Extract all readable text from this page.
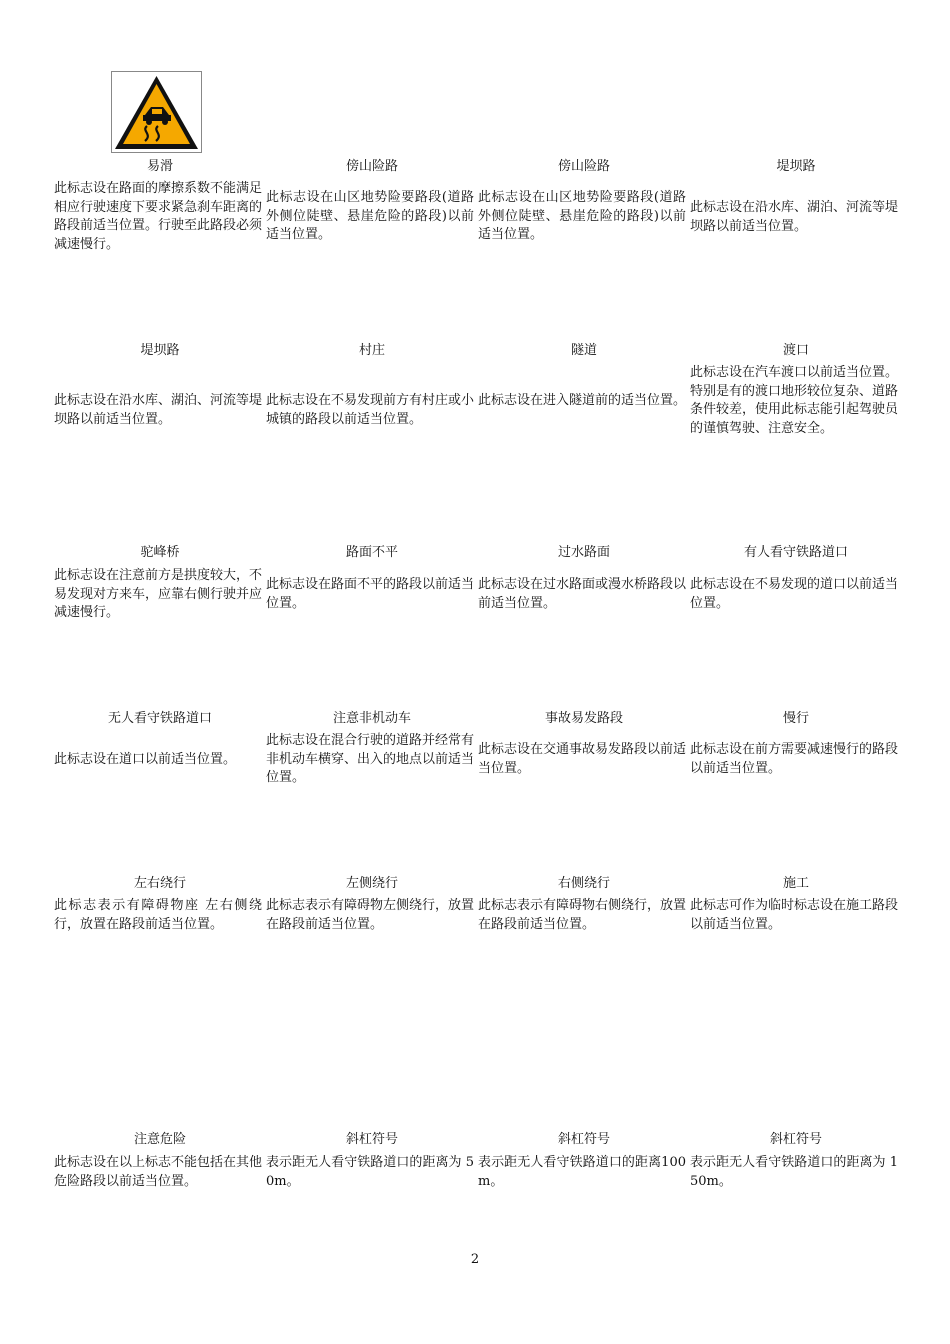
易滑
此标志设在路面的摩擦系数不能满足相应行驶速度下要求紧急刹车距离的路段前适当位置。行驶至此路段必须减速慢行。
傍山险路
此标志设在山区地势险要路段(道路外侧位陡壁、悬崖危险的路段)以前适当位置。
傍山险路
此标志设在山区地势险要路段(道路外侧位陡壁、悬崖危险的路段)以前适当位置。
堤坝路
此标志设在沿水库、湖泊、河流等堤坝路以前适当位置。
堤坝路
此标志设在沿水库、湖泊、河流等堤坝路以前适当位置。
村庄
此标志设在不易发现前方有村庄或小城镇的路段以前适当位置。
隧道
此标志设在进入隧道前的适当位置。
渡口
此标志设在汽车渡口以前适当位置。特别是有的渡口地形较位复杂、道路条件较差，使用此标志能引起驾驶员的谨慎驾驶、注意安全。
驼峰桥
此标志设在注意前方是拱度较大，不易发现对方来车，应靠右侧行驶并应减速慢行。
路面不平
此标志设在路面不平的路段以前适当位置。
过水路面
此标志设在过水路面或漫水桥路段以前适当位置。
有人看守铁路道口
此标志设在不易发现的道口以前适当位置。
无人看守铁路道口
此标志设在道口以前适当位置。
注意非机动车
此标志设在混合行驶的道路并经常有非机动车横穿、出入的地点以前适当位置。
事故易发路段
此标志设在交通事故易发路段以前适当位置。
慢行
此标志设在前方需要减速慢行的路段以前适当位置。
左右绕行
此标志表示有障碍物座 左右侧绕行，放置在路段前适当位置。
左侧绕行
此标志表示有障碍物左侧绕行，放置在路段前适当位置。
右侧绕行
此标志表示有障碍物右侧绕行，放置在路段前适当位置。
施工
此标志可作为临时标志设在施工路段以前适当位置。
注意危险
此标志设在以上标志不能包括在其他危险路段以前适当位置。
斜杠符号
表示距无人看守铁路道口的距离为 50m。
斜杠符号
表示距无人看守铁路道口的距离100m。
斜杠符号
表示距无人看守铁路道口的距离为 150m。
2
